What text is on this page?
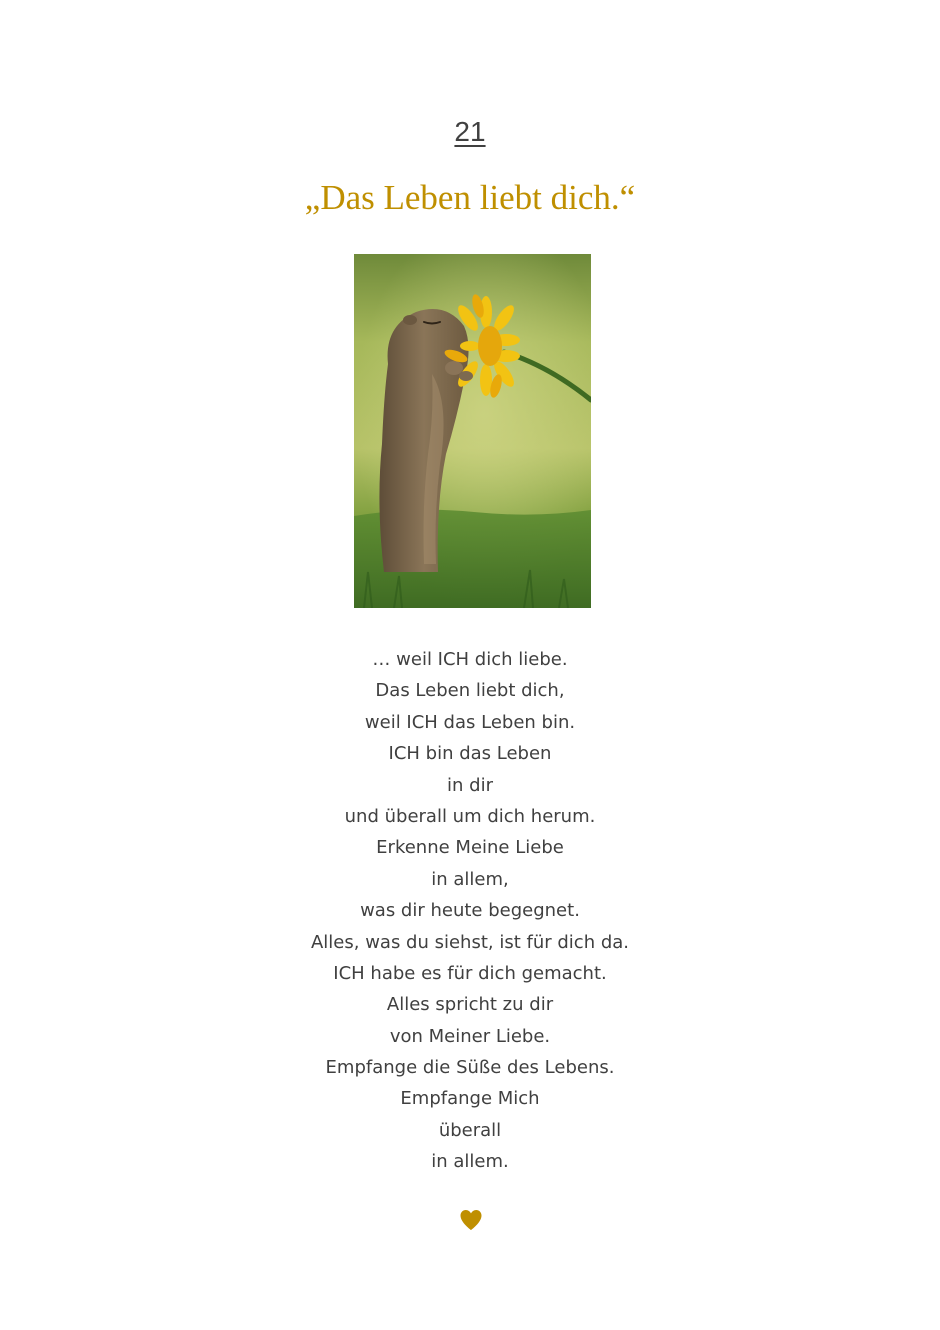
21
„Das Leben liebt dich.“
… weil ICH dich liebe.
Das Leben liebt dich,
weil ICH das Leben bin.
ICH bin das Leben
in dir
und überall um dich herum.
Erkenne Meine Liebe
in allem,
was dir heute begegnet.
Alles, was du siehst, ist für dich da.
ICH habe es für dich gemacht.
Alles spricht zu dir
von Meiner Liebe.
Empfange die Süße des Lebens.
Empfange Mich
überall
in allem.
